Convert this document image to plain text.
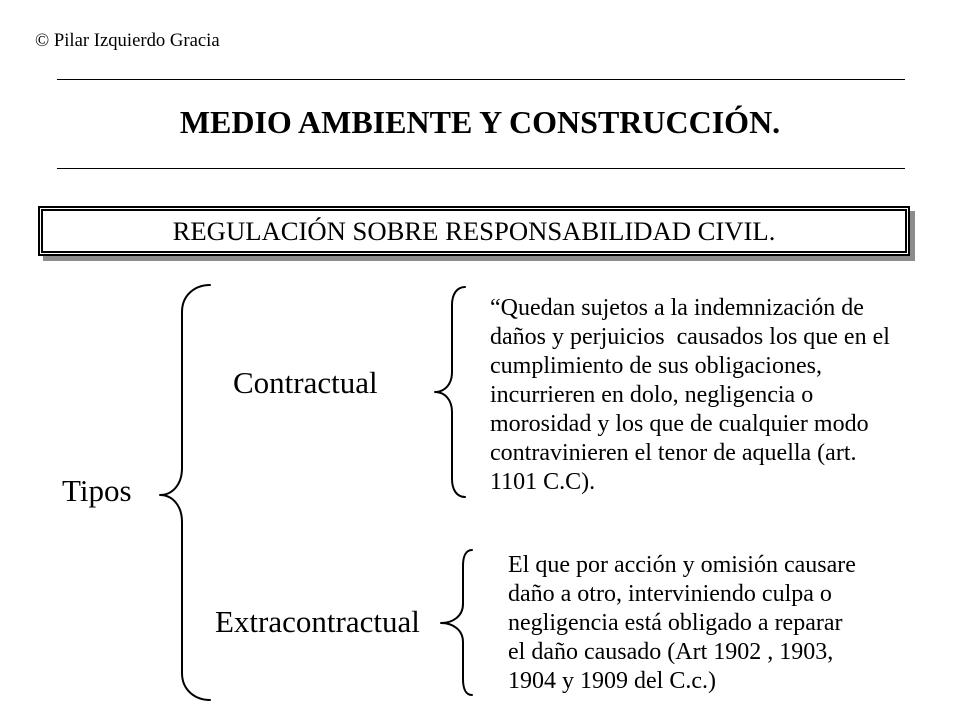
© Pilar Izquierdo Gracia
MEDIO AMBIENTE Y CONSTRUCCIÓN.
REGULACIÓN SOBRE RESPONSABILIDAD CIVIL.
Tipos
Contractual
Extracontractual
“Quedan sujetos a la indemnización de
daños y perjuicios  causados los que en el
cumplimiento de sus obligaciones,
incurrieren en dolo, negligencia o
morosidad y los que de cualquier modo
contravinieren el tenor de aquella (art.
1101 C.C).
El que por acción y omisión causare
daño a otro, interviniendo culpa o
negligencia está obligado a reparar
el daño causado (Art 1902 , 1903,
1904 y 1909 del C.c.)
